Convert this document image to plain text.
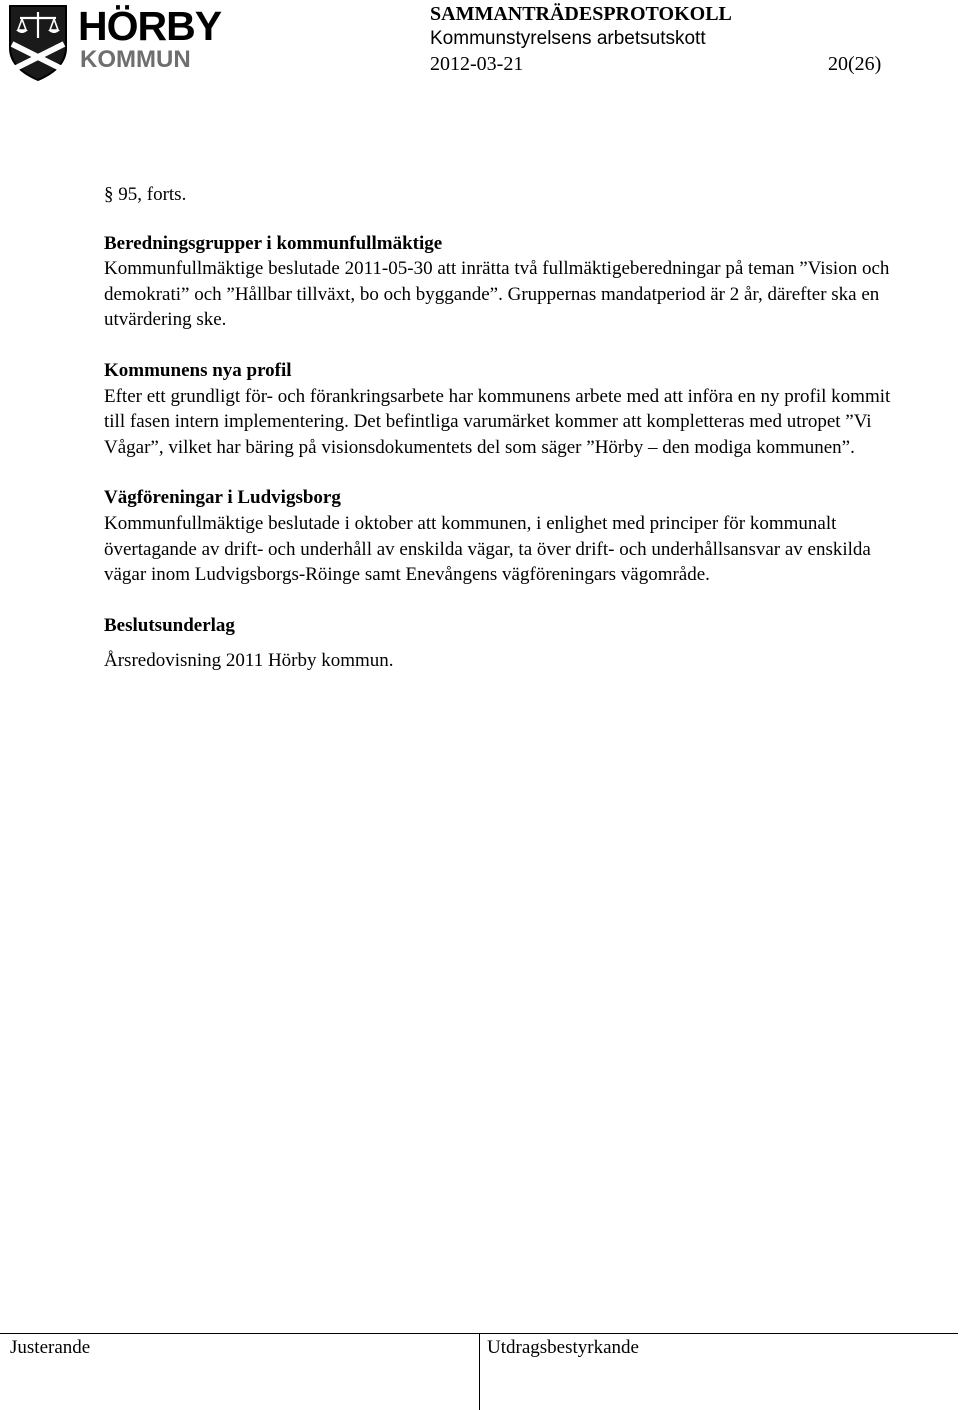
HÖRBY
KOMMUN
SAMMANTRÄDESPROTOKOLL
Kommunstyrelsens arbetsutskott
2012-03-21	20(26)

§ 95, forts.

Beredningsgrupper i kommunfullmäktige

Kommunfullmäktige beslutade 2011-05-30 att inrätta två fullmäktigeberedningar på teman ”Vision och demokrati” och ”Hållbar tillväxt, bo och byggande”. Gruppernas mandatperiod är 2 år, därefter ska en utvärdering ske.

Kommunens nya profil

Efter ett grundligt för- och förankringsarbete har kommunens arbete med att införa en ny profil kommit till fasen intern implementering. Det befintliga varumärket kommer att kompletteras med utropet ”Vi Vågar”, vilket har bäring på visionsdokumentets del som säger ”Hörby – den modiga kommunen”.

Vägföreningar i Ludvigsborg

Kommunfullmäktige beslutade i oktober att kommunen, i enlighet med principer för kommunalt övertagande av drift- och underhåll av enskilda vägar, ta över drift- och underhållsansvar av enskilda vägar inom Ludvigsborgs-Röinge samt Enevångens vägföreningars vägområde.

Beslutsunderlag

Årsredovisning 2011 Hörby kommun.

Justerande	Utdragsbestyrkande
